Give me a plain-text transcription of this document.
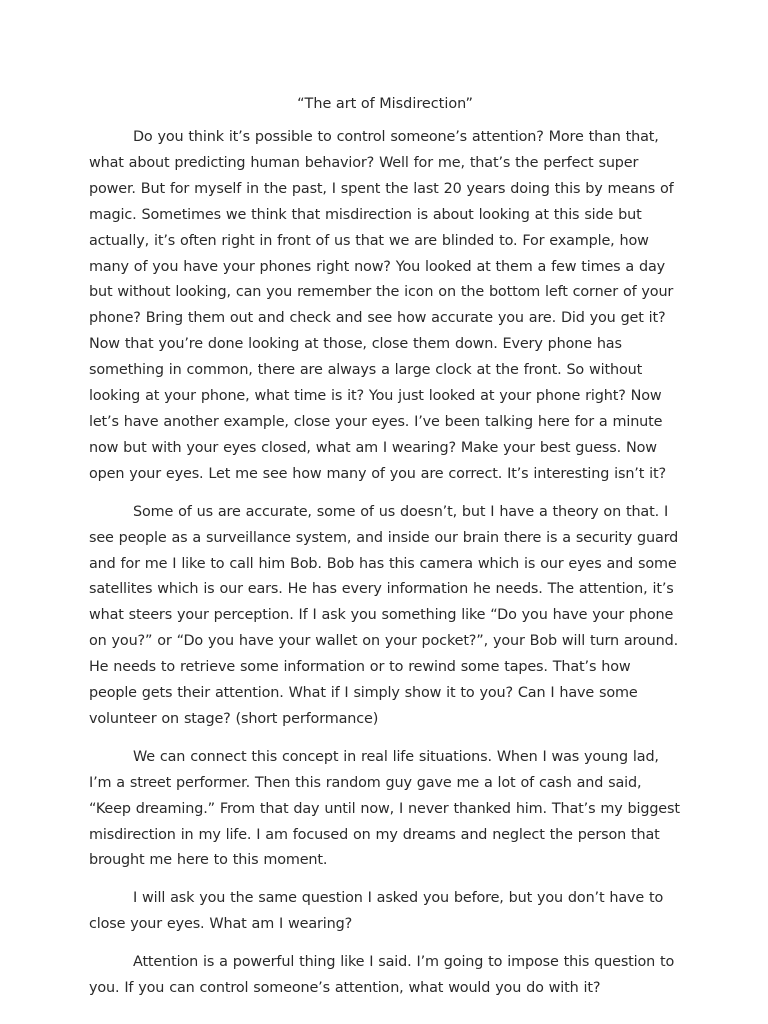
“The art of Misdirection”

Do you think it’s possible to control someone’s attention? More than that, what about predicting human behavior? Well for me, that’s the perfect super power. But for myself in the past, I spent the last 20 years doing this by means of magic. Sometimes we think that misdirection is about looking at this side but actually, it’s often right in front of us that we are blinded to. For example, how many of you have your phones right now? You looked at them a few times a day but without looking, can you remember the icon on the bottom left corner of your phone? Bring them out and check and see how accurate you are. Did you get it? Now that you’re done looking at those, close them down. Every phone has something in common, there are always a large clock at the front. So without looking at your phone, what time is it? You just looked at your phone right? Now let’s have another example, close your eyes. I’ve been talking here for a minute now but with your eyes closed, what am I wearing? Make your best guess. Now open your eyes. Let me see how many of you are correct. It’s interesting isn’t it?

Some of us are accurate, some of us doesn’t, but I have a theory on that. I see people as a surveillance system, and inside our brain there is a security guard and for me I like to call him Bob. Bob has this camera which is our eyes and some satellites which is our ears. He has every information he needs. The attention, it’s what steers your perception. If I ask you something like “Do you have your phone on you?” or “Do you have your wallet on your pocket?”, your Bob will turn around. He needs to retrieve some information or to rewind some tapes. That’s how people gets their attention. What if I simply show it to you? Can I have some volunteer on stage? (short performance)

We can connect this concept in real life situations. When I was young lad, I’m a street performer. Then this random guy gave me a lot of cash and said, “Keep dreaming.” From that day until now, I never thanked him. That’s my biggest misdirection in my life. I am focused on my dreams and neglect the person that brought me here to this moment.

I will ask you the same question I asked you before, but you don’t have to close your eyes. What am I wearing?

Attention is a powerful thing like I said. I’m going to impose this question to you. If you can control someone’s attention, what would you do with it?
